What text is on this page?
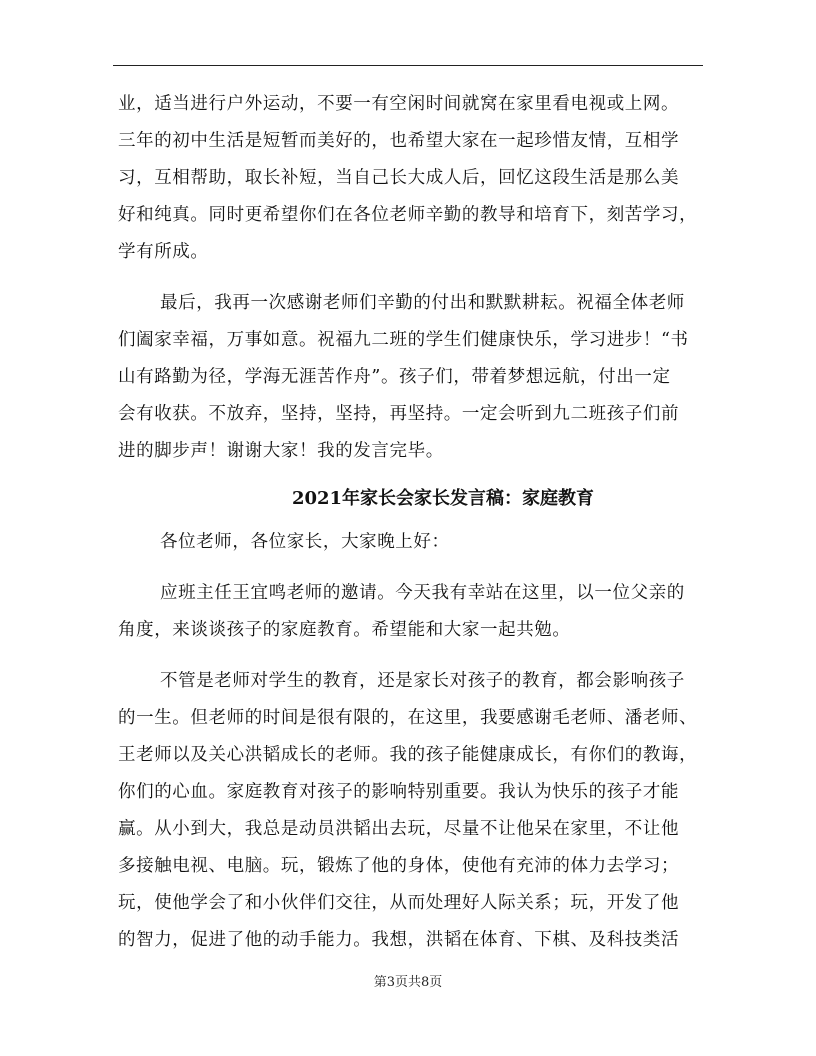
业，适当进行户外运动，不要一有空闲时间就窝在家里看电视或上网。
三年的初中生活是短暂而美好的，也希望大家在一起珍惜友情，互相学
习，互相帮助，取长补短，当自己长大成人后，回忆这段生活是那么美
好和纯真。同时更希望你们在各位老师辛勤的教导和培育下，刻苦学习，
学有所成。
最后，我再一次感谢老师们辛勤的付出和默默耕耘。祝福全体老师
们阖家幸福，万事如意。祝福九二班的学生们健康快乐，学习进步！“书
山有路勤为径，学海无涯苦作舟”。孩子们，带着梦想远航，付出一定
会有收获。不放弃，坚持，坚持，再坚持。一定会听到九二班孩子们前
进的脚步声！谢谢大家！我的发言完毕。
2021年家长会家长发言稿：家庭教育
各位老师，各位家长，大家晚上好：
应班主任王宜鸣老师的邀请。今天我有幸站在这里，以一位父亲的
角度，来谈谈孩子的家庭教育。希望能和大家一起共勉。
不管是老师对学生的教育，还是家长对孩子的教育，都会影响孩子
的一生。但老师的时间是很有限的，在这里，我要感谢毛老师、潘老师、
王老师以及关心洪韬成长的老师。我的孩子能健康成长，有你们的教诲，
你们的心血。家庭教育对孩子的影响特别重要。我认为快乐的孩子才能
赢。从小到大，我总是动员洪韬出去玩，尽量不让他呆在家里，不让他
多接触电视、电脑。玩，锻炼了他的身体，使他有充沛的体力去学习；
玩，使他学会了和小伙伴们交往，从而处理好人际关系；玩，开发了他
的智力，促进了他的动手能力。我想，洪韬在体育、下棋、及科技类活
第3页共8页
